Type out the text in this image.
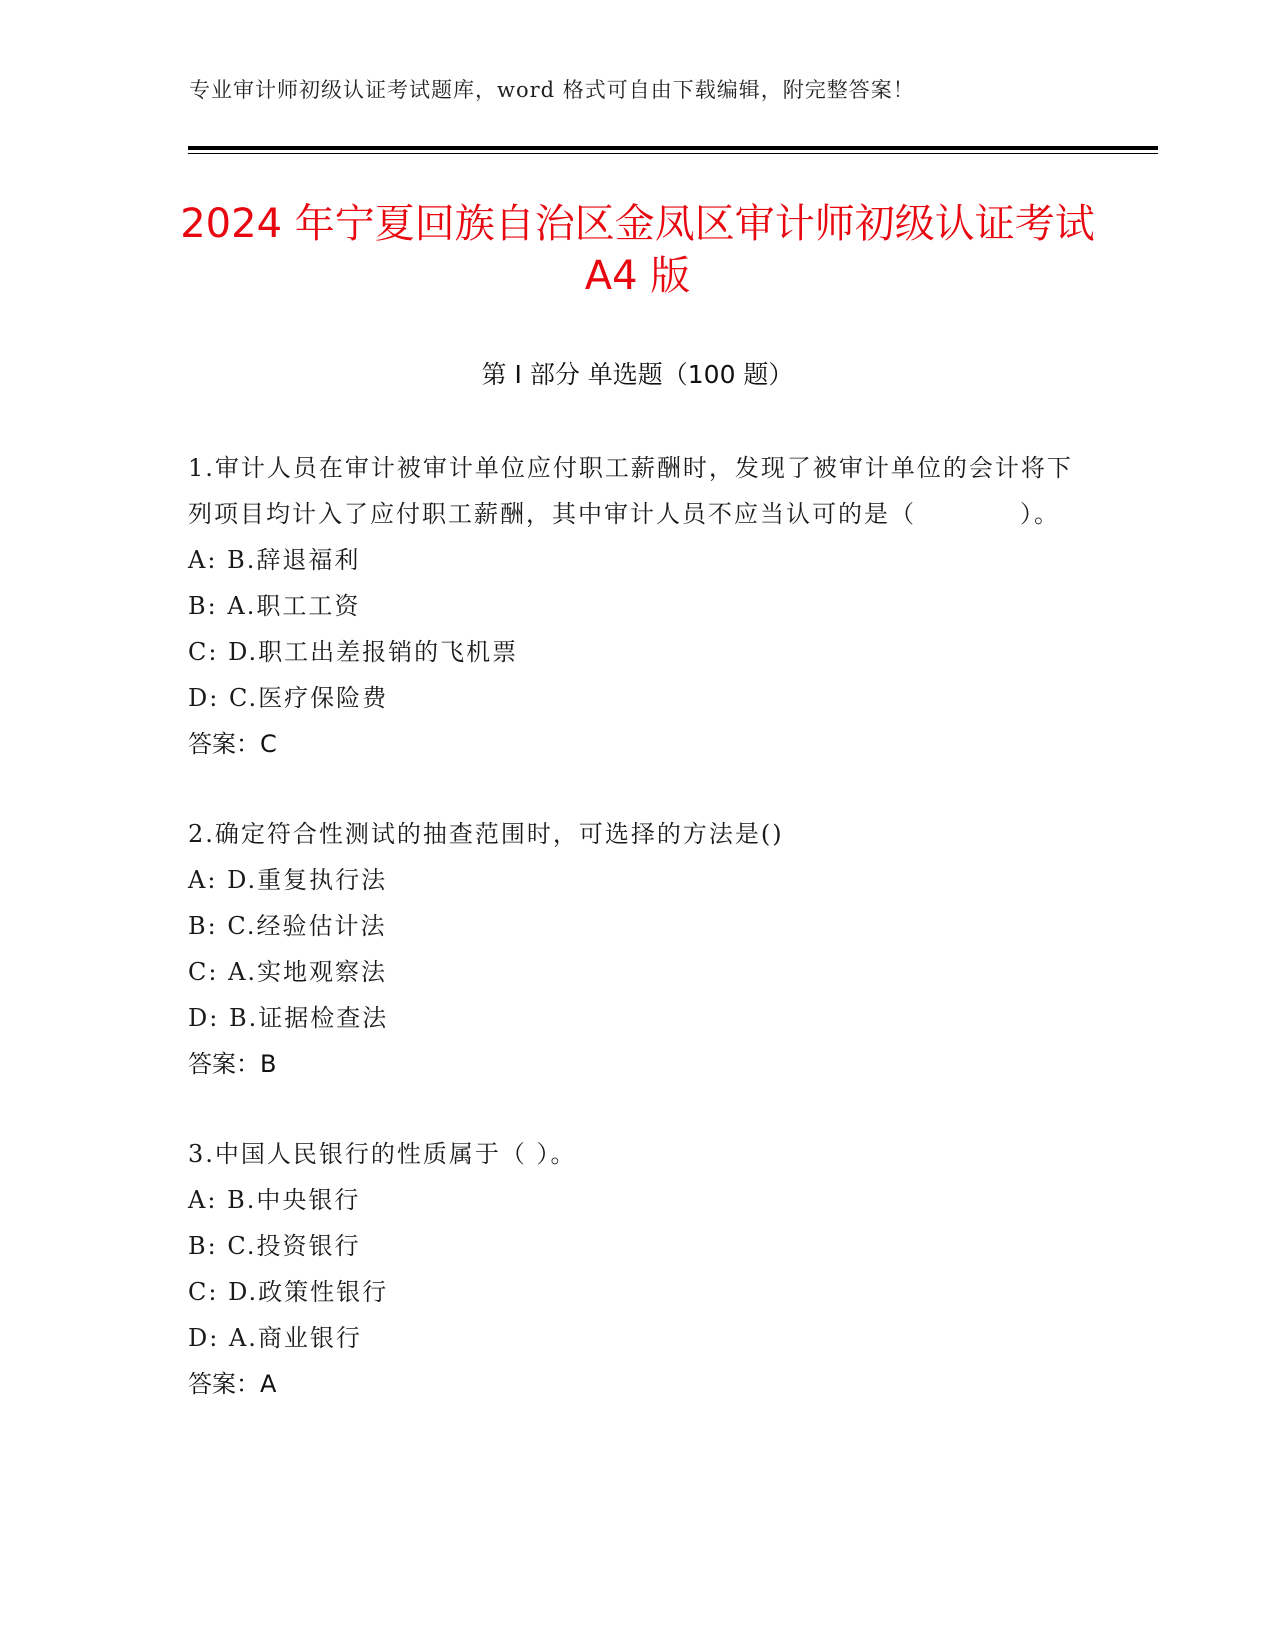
专业审计师初级认证考试题库，word 格式可自由下载编辑，附完整答案！
2024 年宁夏回族自治区金凤区审计师初级认证考试 A4 版
第 I 部分 单选题（100 题）

1.审计人员在审计被审计单位应付职工薪酬时，发现了被审计单位的会计将下列项目均计入了应付职工薪酬，其中审计人员不应当认可的是（　　　　）。

A: B.辞退福利

B: A.职工工资

C: D.职工出差报销的飞机票

D: C.医疗保险费

答案：C

2.确定符合性测试的抽查范围时，可选择的方法是()

A: D.重复执行法

B: C.经验估计法

C: A.实地观察法

D: B.证据检查法

答案：B

3.中国人民银行的性质属于（ ）。

A: B.中央银行

B: C.投资银行

C: D.政策性银行

D: A.商业银行

答案：A
